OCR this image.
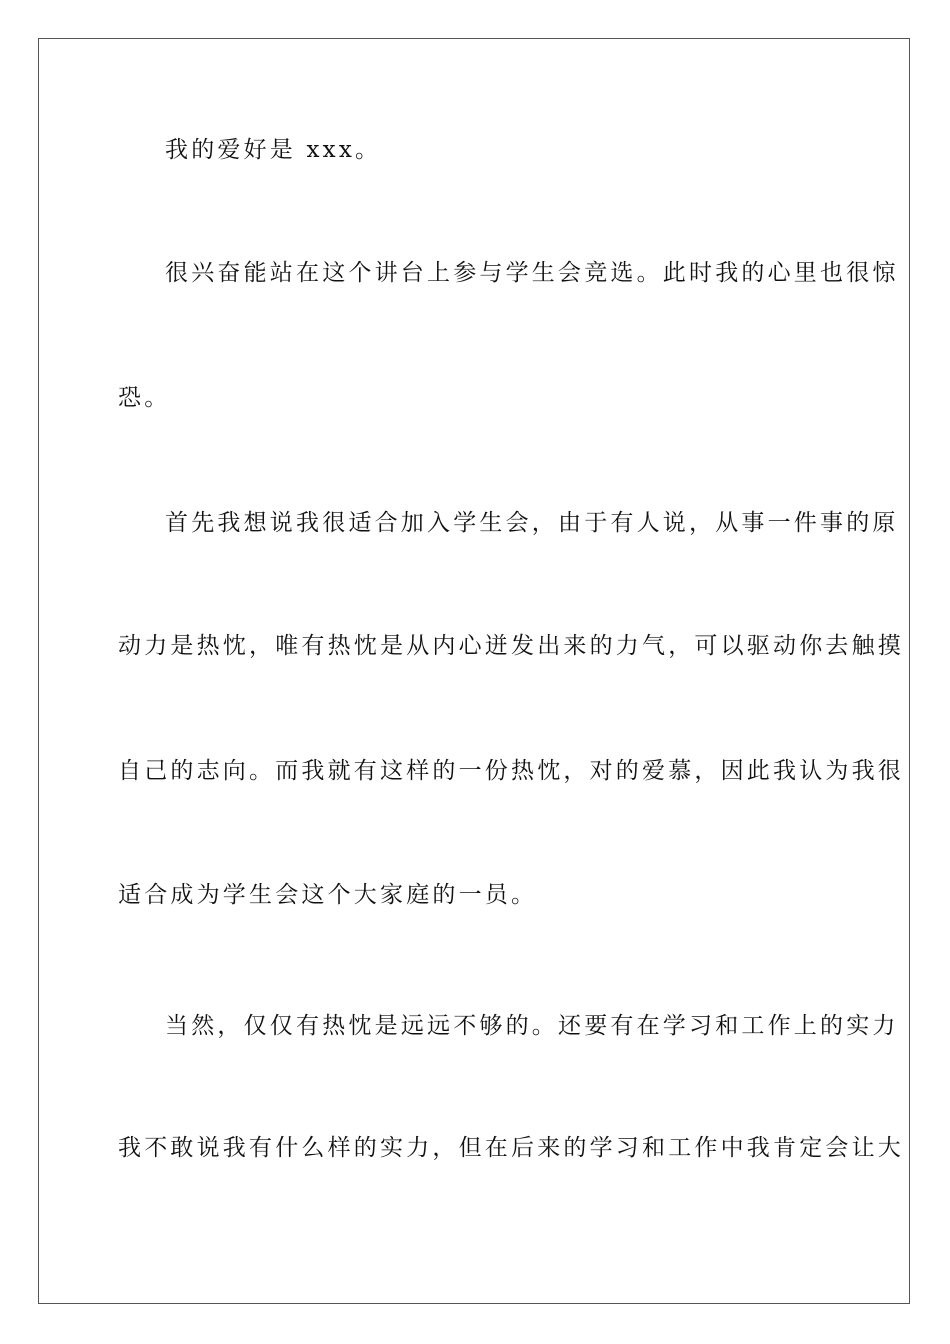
我的爱好是 xxx。
很兴奋能站在这个讲台上参与学生会竞选。此时我的心里也很惊
恐。
首先我想说我很适合加入学生会，由于有人说，从事一件事的原
动力是热忱，唯有热忱是从内心迸发出来的力气，可以驱动你去触摸
自己的志向。而我就有这样的一份热忱，对的爱慕，因此我认为我很
适合成为学生会这个大家庭的一员。
当然，仅仅有热忱是远远不够的。还要有在学习和工作上的实力
我不敢说我有什么样的实力，但在后来的学习和工作中我肯定会让大
